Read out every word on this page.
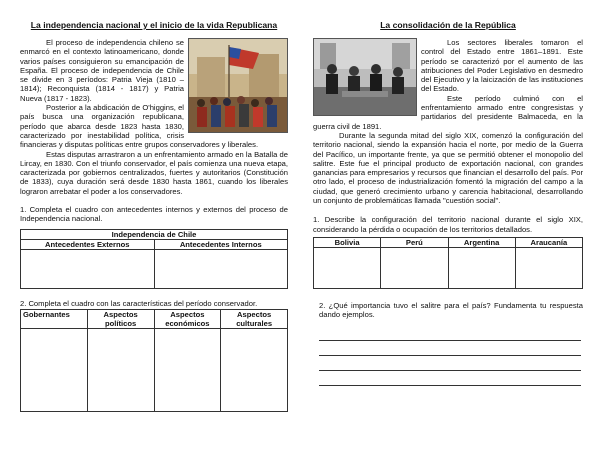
La independencia nacional y el inicio de la vida Republicana

El proceso de independencia chileno se enmarcó en el contexto latinoamericano, donde varios países consiguieron su emancipación de España. El proceso de independencia de Chile se divide en 3 períodos: Patria Vieja (1810 – 1814); Reconquista (1814 - 1817) y Patria Nueva (1817 - 1823).

Posterior a la abdicación de O'higgins, el país busca una organización republicana, período que abarca desde 1823 hasta 1830, caracterizado por inestabilidad política, crisis financieras y disputas políticas entre grupos conservadores y liberales.

Estas disputas arrastraron a un enfrentamiento armado en la Batalla de Lircay, en 1830. Con el triunfo conservador, el país comienza una nueva etapa, caracterizada por gobiernos centralizados, fuertes y autoritarios (Constitución de 1833), cuya duración será desde 1830 hasta 1861, cuando los liberales lograron arrebatar el poder a los conservadores.

1. Completa el cuadro con antecedentes internos y externos del proceso de Independencia nacional.

Independencia de Chile	
Antecedentes Externos	Antecedentes Internos

2. Completa el cuadro con las características del período conservador.

Gobernantes	Aspectos políticos	Aspectos económicos	Aspectos culturales

La consolidación de la República

Los sectores liberales tomaron el control del Estado entre 1861–1891. Este período se caracterizó por el aumento de las atribuciones del Poder Legislativo en desmedro del Ejecutivo y la laicización de las instituciones del Estado.

Este período culminó con el enfrentamiento armado entre congresistas y partidarios del presidente Balmaceda, en la guerra civil de 1891.

Durante la segunda mitad del siglo XIX, comenzó la configuración del territorio nacional, siendo la expansión hacia el norte, por medio de la Guerra del Pacífico, un importante frente, ya que se permitió obtener el monopolio del salitre. Este fue el principal producto de exportación nacional, con grandes ganancias para empresarios y recursos que financian el desarrollo del país. Por otro lado, el proceso de industrialización fomentó la migración del campo a la ciudad, que generó crecimiento urbano y carencia habitacional, desarrollando un conjunto de problemáticas llamada "cuestión social".

1. Describe la configuración del territorio nacional durante el siglo XIX, considerando la pérdida o ocupación de los territorios detallados.

Bolivia	Perú	Argentina	Araucanía

2. ¿Qué importancia tuvo el salitre para el país? Fundamenta tu respuesta dando ejemplos.
